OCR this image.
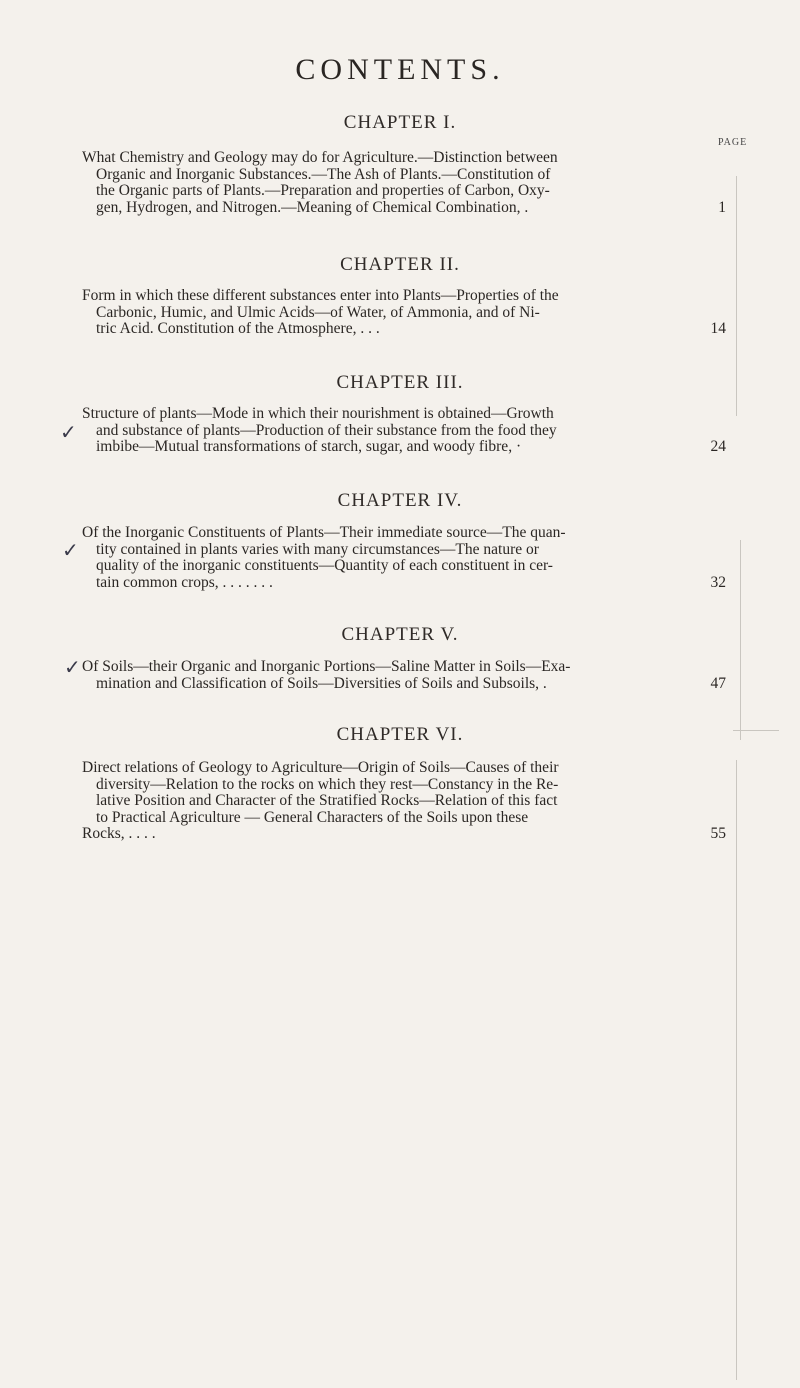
CONTENTS.
CHAPTER I.
PAGE
What Chemistry and Geology may do for Agriculture.—Distinction between
Organic and Inorganic Substances.—The Ash of Plants.—Constitution of
the Organic parts of Plants.—Preparation and properties of Carbon, Oxy-
gen, Hydrogen, and Nitrogen.—Meaning of Chemical Combination, .	1
CHAPTER II.
Form in which these different substances enter into Plants—Properties of the
Carbonic, Humic, and Ulmic Acids—of Water, of Ammonia, and of Ni-
tric Acid. Constitution of the Atmosphere, . . .	14
CHAPTER III.
Structure of plants—Mode in which their nourishment is obtained—Growth
and substance of plants—Production of their substance from the food they
imbibe—Mutual transformations of starch, sugar, and woody fibre, ·	24
CHAPTER IV.
Of the Inorganic Constituents of Plants—Their immediate source—The quan-
tity contained in plants varies with many circumstances—The nature or
quality of the inorganic constituents—Quantity of each constituent in cer-
tain common crops, . . . . . . .	32
CHAPTER V.
Of Soils—their Organic and Inorganic Portions—Saline Matter in Soils—Exa-
mination and Classification of Soils—Diversities of Soils and Subsoils, .	47
CHAPTER VI.
Direct relations of Geology to Agriculture—Origin of Soils—Causes of their
diversity—Relation to the rocks on which they rest—Constancy in the Re-
lative Position and Character of the Stratified Rocks—Relation of this fact
to Practical Agriculture — General Characters of the Soils upon these
Rocks, . . . .	55
✓
✓
✓
